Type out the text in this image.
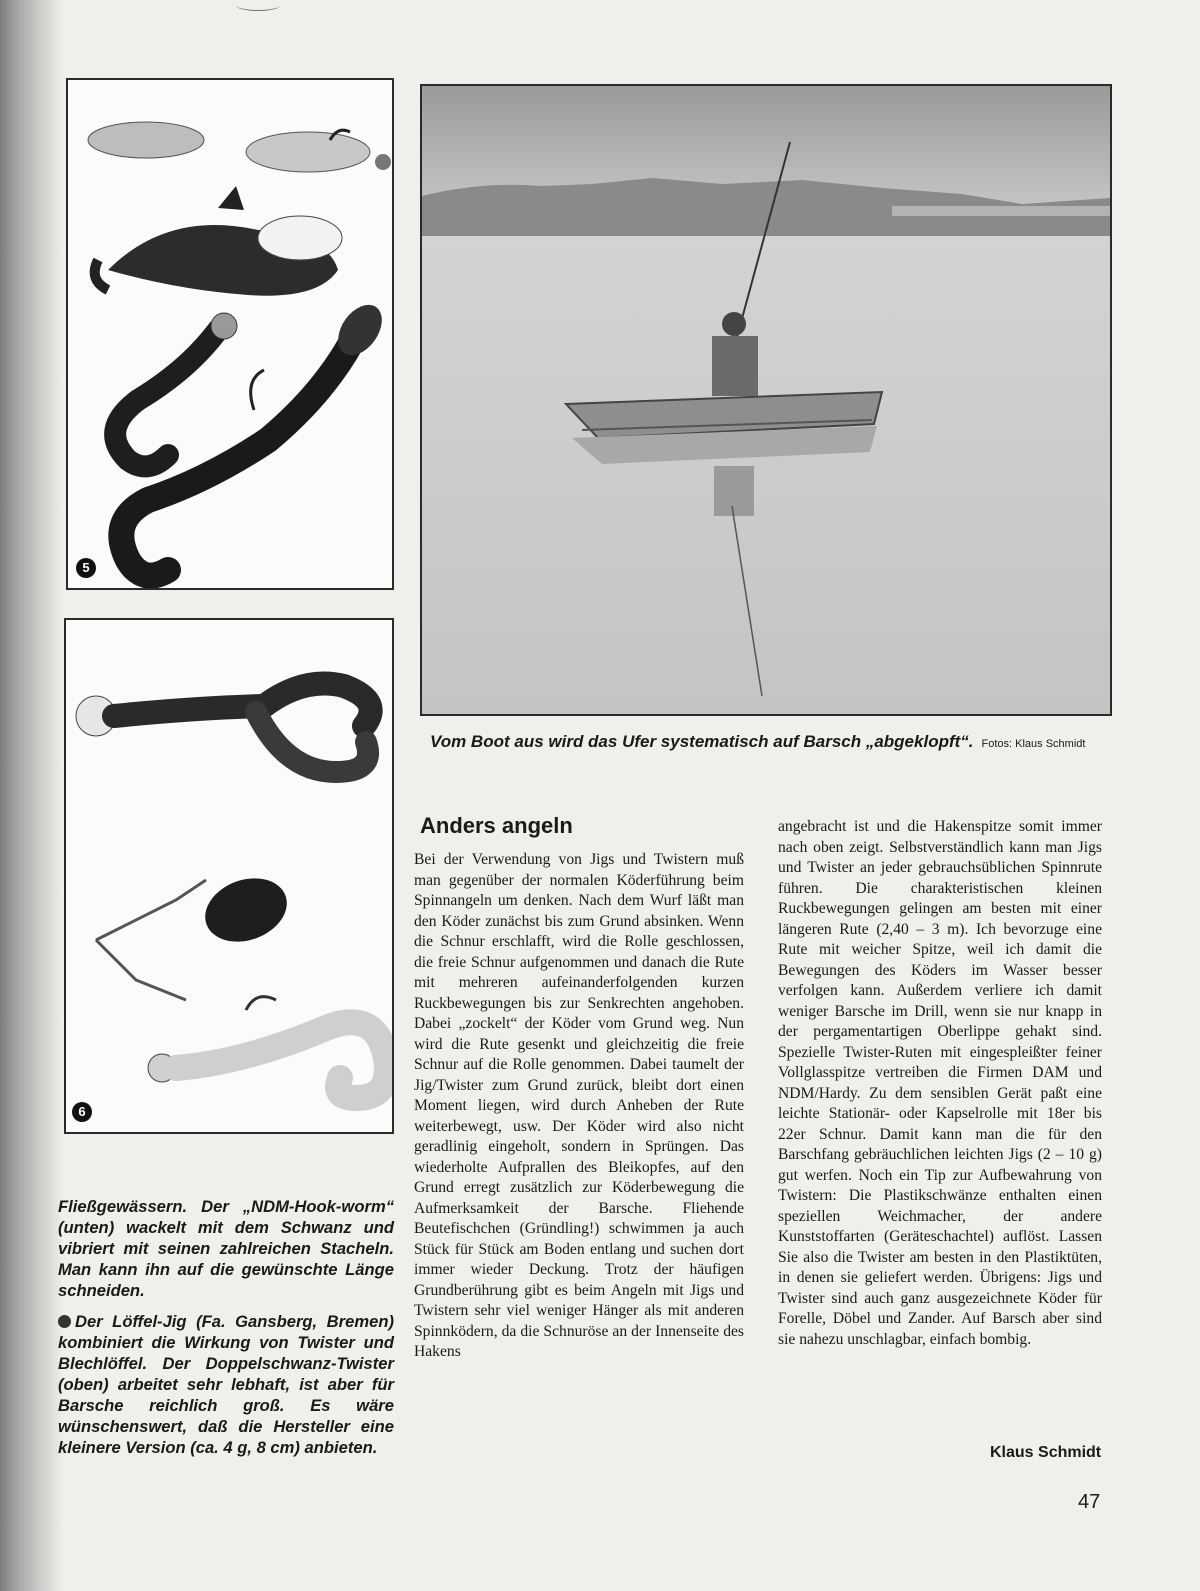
5
6
Vom Boot aus wird das Ufer systematisch auf Barsch „abgeklopft“. Fotos: Klaus Schmidt

Fließgewässern. Der „NDM-Hook-worm“ (unten) wackelt mit dem Schwanz und vibriert mit seinen zahlreichen Stacheln. Man kann ihn auf die gewünschte Länge schneiden.

Der Löffel-Jig (Fa. Gansberg, Bremen) kombiniert die Wirkung von Twister und Blechlöffel. Der Doppelschwanz-Twister (oben) arbeitet sehr lebhaft, ist aber für Barsche reichlich groß. Es wäre wünschenswert, daß die Hersteller eine kleinere Version (ca. 4 g, 8 cm) anbieten.

Anders angeln
Bei der Verwendung von Jigs und Twistern muß man gegenüber der normalen Köderführung beim Spinnangeln um denken. Nach dem Wurf läßt man den Köder zunächst bis zum Grund absinken. Wenn die Schnur erschlafft, wird die Rolle geschlossen, die freie Schnur aufgenommen und danach die Rute mit mehreren aufeinanderfolgenden kurzen Ruckbewegungen bis zur Senkrechten angehoben. Dabei „zockelt“ der Köder vom Grund weg. Nun wird die Rute gesenkt und gleichzeitig die freie Schnur auf die Rolle genommen. Dabei taumelt der Jig/Twister zum Grund zurück, bleibt dort einen Moment liegen, wird durch Anheben der Rute weiterbewegt, usw. Der Köder wird also nicht geradlinig eingeholt, sondern in Sprüngen. Das wiederholte Aufprallen des Bleikopfes, auf den Grund erregt zusätzlich zur Köderbewegung die Aufmerksamkeit der Barsche. Fliehende Beutefischchen (Gründling!) schwimmen ja auch Stück für Stück am Boden entlang und suchen dort immer wieder Deckung. Trotz der häufigen Grundberührung gibt es beim Angeln mit Jigs und Twistern sehr viel weniger Hänger als mit anderen Spinnködern, da die Schnuröse an der Innenseite des Hakens
angebracht ist und die Hakenspitze somit immer nach oben zeigt. Selbstverständlich kann man Jigs und Twister an jeder gebrauchsüblichen Spinnrute führen. Die charakteristischen kleinen Ruckbewegungen gelingen am besten mit einer längeren Rute (2,40 – 3 m). Ich bevorzuge eine Rute mit weicher Spitze, weil ich damit die Bewegungen des Köders im Wasser besser verfolgen kann. Außerdem verliere ich damit weniger Barsche im Drill, wenn sie nur knapp in der pergamentartigen Oberlippe gehakt sind. Spezielle Twister-Ruten mit eingespleißter feiner Vollglasspitze vertreiben die Firmen DAM und NDM/Hardy. Zu dem sensiblen Gerät paßt eine leichte Stationär- oder Kapselrolle mit 18er bis 22er Schnur. Damit kann man die für den Barschfang gebräuchlichen leichten Jigs (2 – 10 g) gut werfen. Noch ein Tip zur Aufbewahrung von Twistern: Die Plastikschwänze enthalten einen speziellen Weichmacher, der andere Kunststoffarten (Geräteschachtel) auflöst. Lassen Sie also die Twister am besten in den Plastiktüten, in denen sie geliefert werden. Übrigens: Jigs und Twister sind auch ganz ausgezeichnete Köder für Forelle, Döbel und Zander. Auf Barsch aber sind sie nahezu unschlagbar, einfach bombig.
Klaus Schmidt
47
